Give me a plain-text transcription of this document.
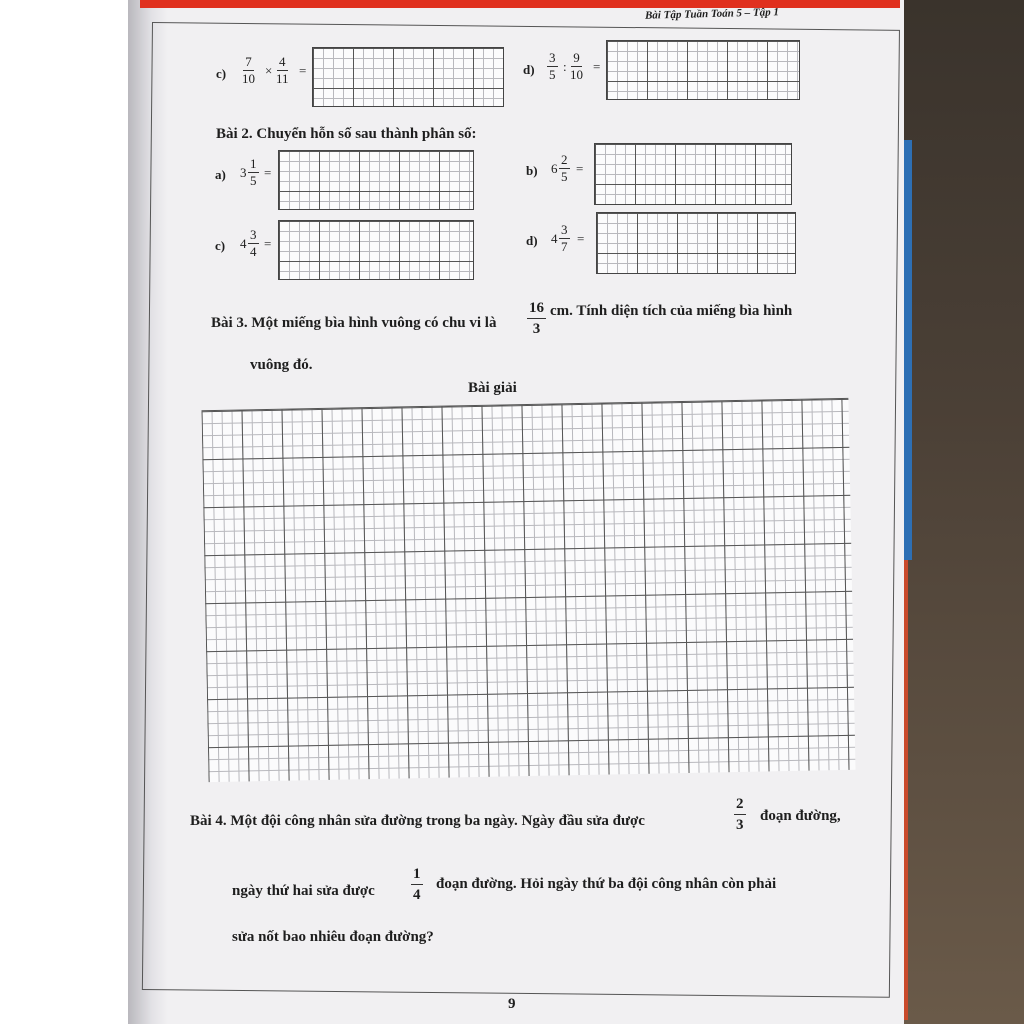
Bài Tập Tuần Toán 5 – Tập 1
$c) \frac{7}{10} \times \frac{4}{11}$ =	$d) \frac{3}{5}$ : $\frac{9}{10}$ =
Bài 2. Chuyển hỗn số sau thành phân số:
a) $3 \frac{1}{5}$ =	b) $6 \frac{2}{5}$ =
c) $4 \frac{3}{4}$ =	d) $4 \frac{3}{7}$ =
Bài 3. Một miếng bìa hình vuông có chu vi là $\frac{16}{3}$ cm. Tính diện tích của miếng bìa hình
vuông đó.
Bài giải
Bài 4. Một đội công nhân sửa đường trong ba ngày. Ngày đầu sửa được	$\frac{2}{3}$ đoạn đường,
ngày thứ hai sửa được $\frac{1}{4}$ đoạn đường. Hỏi ngày thứ ba đội công nhân còn phải
sửa nốt bao nhiêu đoạn đường?
9
